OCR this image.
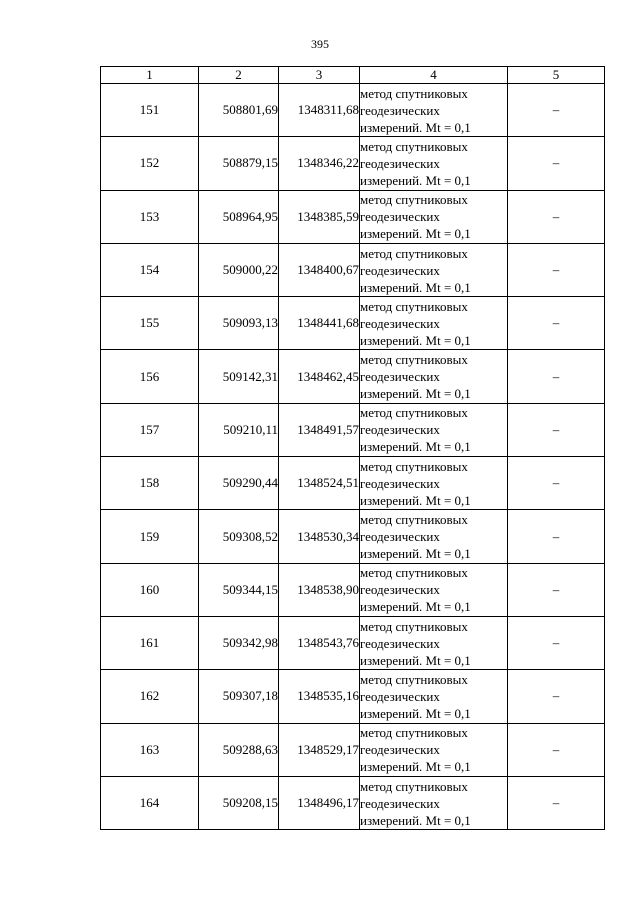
395
1	2	3	4	5
151	508801,69	1348311,68	метод спутниковых
геодезических
измерений. Mt = 0,1	–
152	508879,15	1348346,22	метод спутниковых
геодезических
измерений. Mt = 0,1	–
153	508964,95	1348385,59	метод спутниковых
геодезических
измерений. Mt = 0,1	–
154	509000,22	1348400,67	метод спутниковых
геодезических
измерений. Mt = 0,1	–
155	509093,13	1348441,68	метод спутниковых
геодезических
измерений. Mt = 0,1	–
156	509142,31	1348462,45	метод спутниковых
геодезических
измерений. Mt = 0,1	–
157	509210,11	1348491,57	метод спутниковых
геодезических
измерений. Mt = 0,1	–
158	509290,44	1348524,51	метод спутниковых
геодезических
измерений. Mt = 0,1	–
159	509308,52	1348530,34	метод спутниковых
геодезических
измерений. Mt = 0,1	–
160	509344,15	1348538,90	метод спутниковых
геодезических
измерений. Mt = 0,1	–
161	509342,98	1348543,76	метод спутниковых
геодезических
измерений. Mt = 0,1	–
162	509307,18	1348535,16	метод спутниковых
геодезических
измерений. Mt = 0,1	–
163	509288,63	1348529,17	метод спутниковых
геодезических
измерений. Mt = 0,1	–
164	509208,15	1348496,17	метод спутниковых
геодезических
измерений. Mt = 0,1	–
